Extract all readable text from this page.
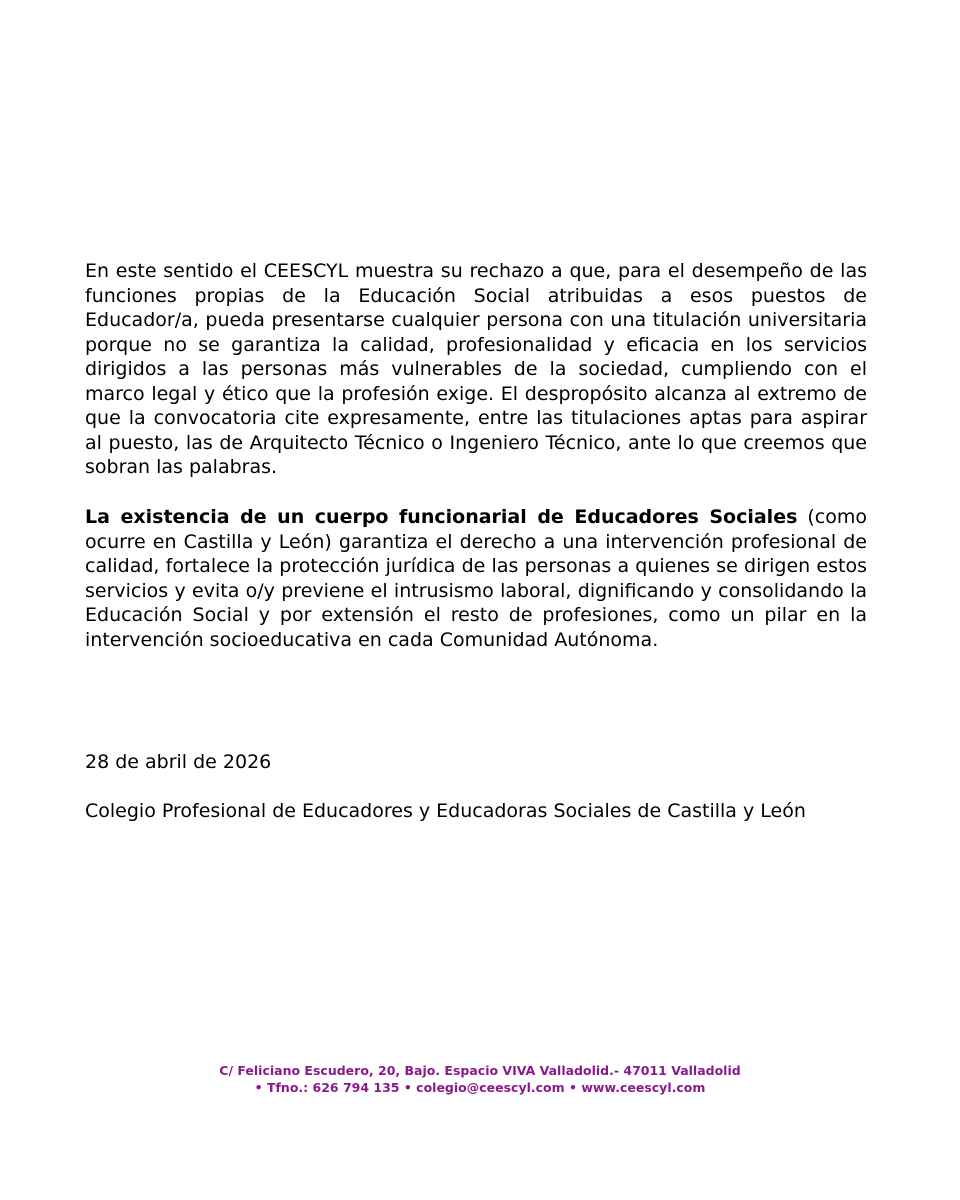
En este sentido el CEESCYL muestra su rechazo a que, para el desempeño de las funciones propias de la Educación Social atribuidas a esos puestos de Educador/a, pueda presentarse cualquier persona con una titulación universitaria porque no se garantiza la calidad, profesionalidad y eficacia en los servicios dirigidos a las personas más vulnerables de la sociedad, cumpliendo con el marco legal y ético que la profesión exige. El despropósito alcanza al extremo de que la convocatoria cite expresamente, entre las titulaciones aptas para aspirar al puesto, las de Arquitecto Técnico o Ingeniero Técnico, ante lo que creemos que sobran las palabras.

La existencia de un cuerpo funcionarial de Educadores Sociales (como ocurre en Castilla y León) garantiza el derecho a una intervención profesional de calidad, fortalece la protección jurídica de las personas a quienes se dirigen estos servicios y evita o/y previene el intrusismo laboral, dignificando y consolidando la Educación Social y por extensión el resto de profesiones, como un pilar en la intervención socioeducativa en cada Comunidad Autónoma.

28 de abril de 2026

Colegio Profesional de Educadores y Educadoras Sociales de Castilla y León

C/ Feliciano Escudero, 20, Bajo. Espacio VIVA Valladolid.- 47011 Valladolid
• Tfno.: 626 794 135 • colegio@ceescyl.com • www.ceescyl.com
